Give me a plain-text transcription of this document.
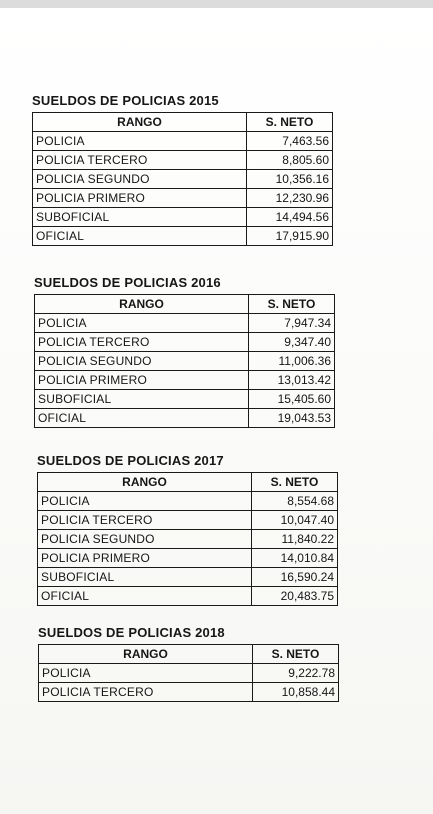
SUELDOS DE POLICIAS 2015
RANGO	S. NETO
POLICIA	7,463.56
POLICIA TERCERO	8,805.60
POLICIA SEGUNDO	10,356.16
POLICIA PRIMERO	12,230.96
SUBOFICIAL	14,494.56
OFICIAL	17,915.90
SUELDOS DE POLICIAS 2016
RANGO	S. NETO
POLICIA	7,947.34
POLICIA TERCERO	9,347.40
POLICIA SEGUNDO	11,006.36
POLICIA PRIMERO	13,013.42
SUBOFICIAL	15,405.60
OFICIAL	19,043.53
SUELDOS DE POLICIAS 2017
RANGO	S. NETO
POLICIA	8,554.68
POLICIA TERCERO	10,047.40
POLICIA SEGUNDO	11,840.22
POLICIA PRIMERO	14,010.84
SUBOFICIAL	16,590.24
OFICIAL	20,483.75
SUELDOS DE POLICIAS 2018
RANGO	S. NETO
POLICIA	9,222.78
POLICIA TERCERO	10,858.44
